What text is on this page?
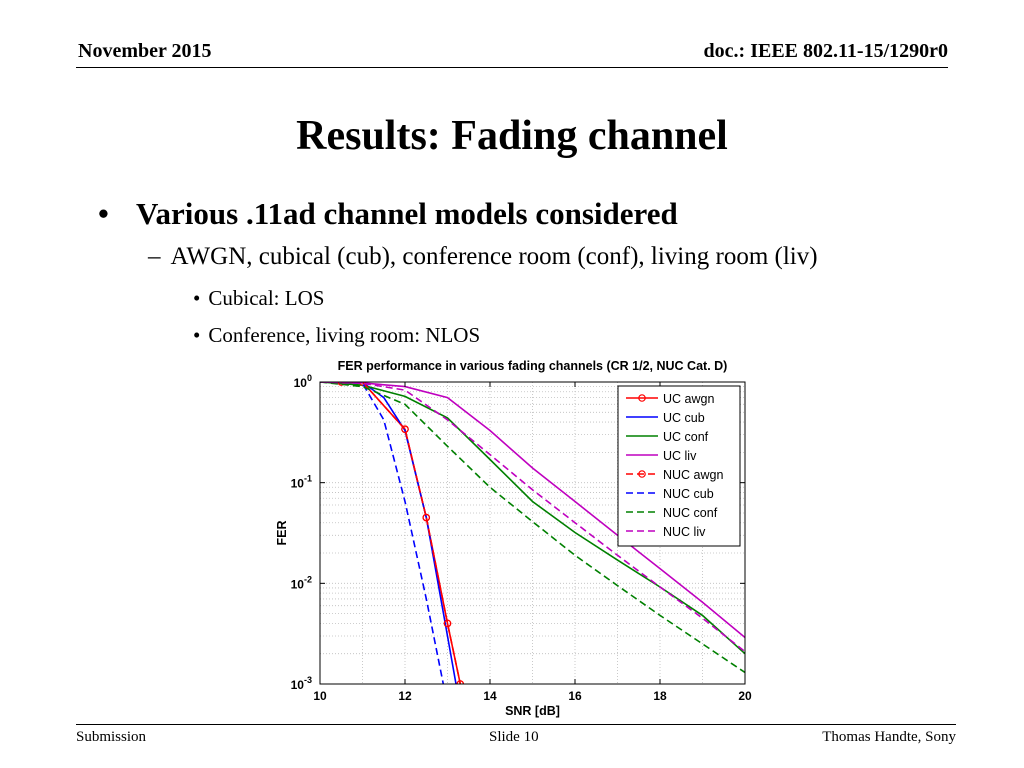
November 2015	doc.: IEEE 802.11-15/1290r0
Results: Fading channel
• Various .11ad channel models considered
– AWGN, cubical (cub), conference room (conf), living room (liv)
• Cubical: LOS
• Conference, living room: NLOS
10	12	14	16	18	20
$10^0$
$10^{-1}$
$10^{-2}$
$10^{-3}$
FER performance in various fading channels (CR 1/2, NUC Cat. D)
SNR [dB]
FER
UC awgn
UC cub
UC conf
UC liv
NUC awgn
NUC cub
NUC conf
NUC liv
Submission	Slide 10	Thomas Handte, Sony
